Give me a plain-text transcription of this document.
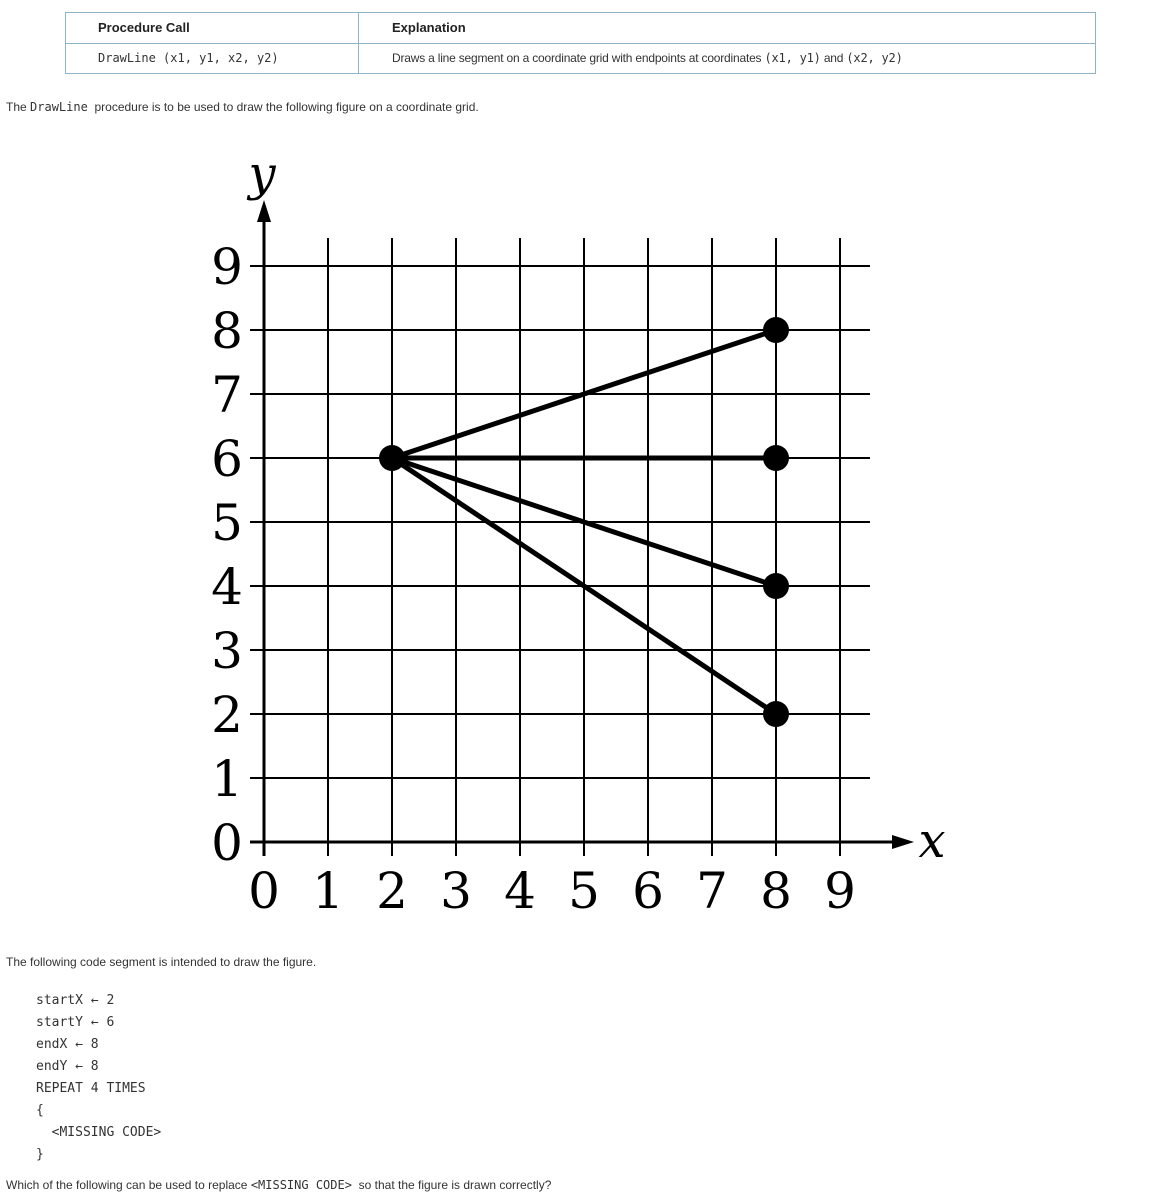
Procedure Call	Explanation
DrawLine (x1, y1, x2, y2)	Draws a line segment on a coordinate grid with endpoints at coordinates (x1, y1) and (x2, y2)
The DrawLine  procedure is to be used to draw the following figure on a coordinate grid.
y
x
0 1 2 3 4 5 6 7 8 9
0
1
2
3
4
5
6
7
8
9
The following code segment is intended to draw the figure.
startX ← 2
startY ← 6
endX ← 8
endY ← 8
REPEAT 4 TIMES
{
<MISSING CODE>
}
Which of the following can be used to replace <MISSING CODE>  so that the figure is drawn correctly?
